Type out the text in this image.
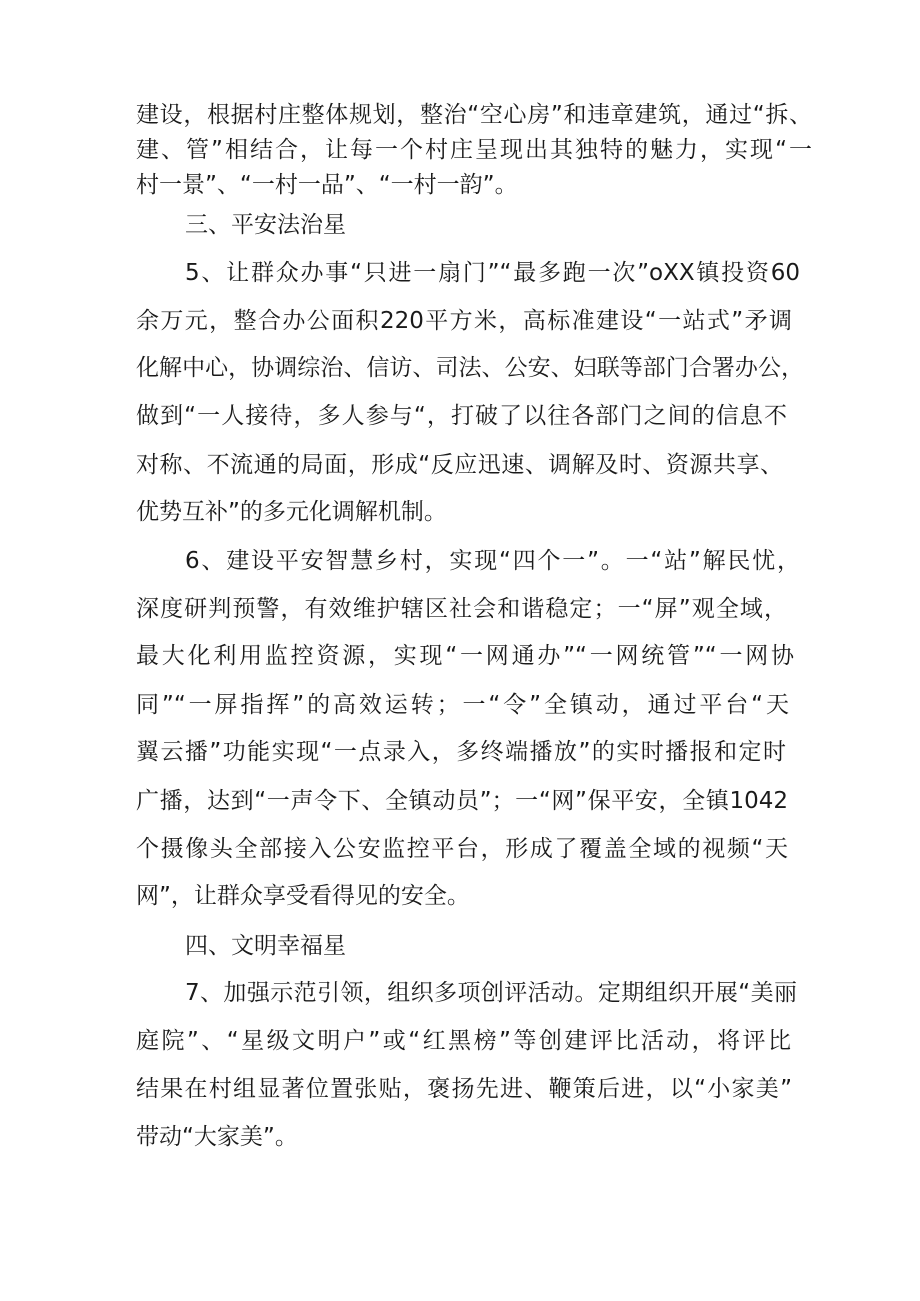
建设，根据村庄整体规划，整治“空心房”和违章建筑，通过“拆、
建、管”相结合，让每一个村庄呈现出其独特的魅力，实现“一
村一景”、“一村一品”、“一村一韵”。
三、平安法治星
5、让群众办事“只进一扇门”“最多跑一次”oXX镇投资60
余万元，整合办公面积220平方米，高标准建设“一站式”矛调
化解中心，协调综治、信访、司法、公安、妇联等部门合署办公，
做到“一人接待，多人参与“，打破了以往各部门之间的信息不
对称、不流通的局面，形成“反应迅速、调解及时、资源共享、
优势互补”的多元化调解机制。
6、建设平安智慧乡村，实现“四个一”。一“站”解民忧，
深度研判预警，有效维护辖区社会和谐稳定；一“屏”观全域，
最大化利用监控资源，实现“一网通办”“一网统管”“一网协
同”“一屏指挥”的高效运转；一“令”全镇动，通过平台“天
翼云播”功能实现“一点录入，多终端播放”的实时播报和定时
广播，达到“一声令下、全镇动员”；一“网”保平安，全镇1042
个摄像头全部接入公安监控平台，形成了覆盖全域的视频“天
网”，让群众享受看得见的安全。
四、文明幸福星
7、加强示范引领，组织多项创评活动。定期组织开展“美丽
庭院”、“星级文明户”或“红黑榜”等创建评比活动，将评比
结果在村组显著位置张贴，褒扬先进、鞭策后进，以“小家美”
带动“大家美”。
